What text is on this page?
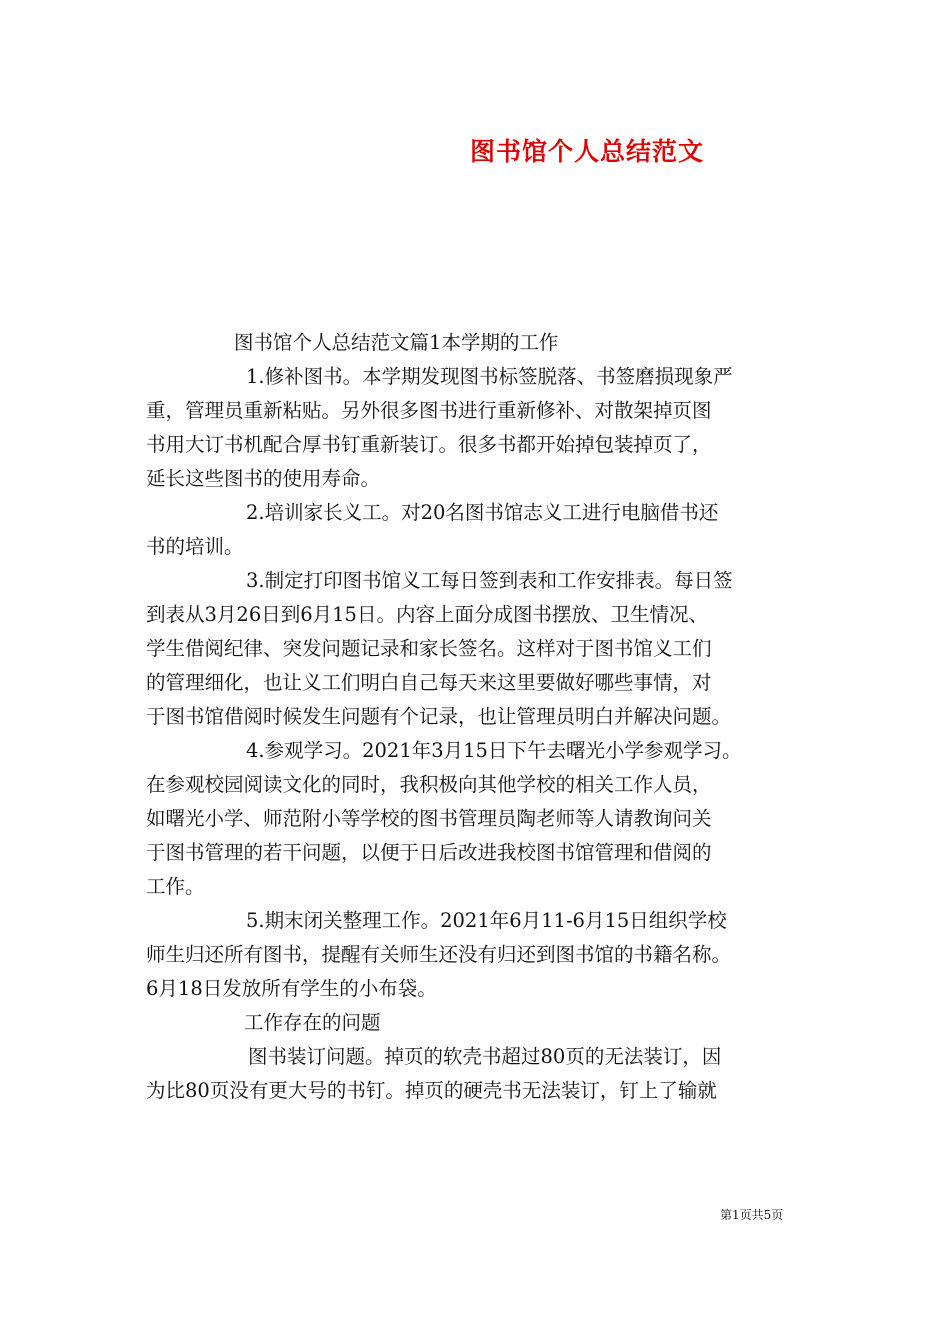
图书馆个人总结范文
图书馆个人总结范文篇1本学期的工作
1.修补图书。本学期发现图书标签脱落、书签磨损现象严
重，管理员重新粘贴。另外很多图书进行重新修补、对散架掉页图
书用大订书机配合厚书钉重新装订。很多书都开始掉包装掉页了，
延长这些图书的使用寿命。
2.培训家长义工。对20名图书馆志义工进行电脑借书还
书的培训。
3.制定打印图书馆义工每日签到表和工作安排表。每日签
到表从3月26日到6月15日。内容上面分成图书摆放、卫生情况、
学生借阅纪律、突发问题记录和家长签名。这样对于图书馆义工们
的管理细化，也让义工们明白自己每天来这里要做好哪些事情，对
于图书馆借阅时候发生问题有个记录，也让管理员明白并解决问题。
4.参观学习。2021年3月15日下午去曙光小学参观学习。
在参观校园阅读文化的同时，我积极向其他学校的相关工作人员，
如曙光小学、师范附小等学校的图书管理员陶老师等人请教询问关
于图书管理的若干问题，以便于日后改进我校图书馆管理和借阅的
工作。
5.期末闭关整理工作。2021年6月11-6月15日组织学校
师生归还所有图书，提醒有关师生还没有归还到图书馆的书籍名称。
6月18日发放所有学生的小布袋。
工作存在的问题
图书装订问题。掉页的软壳书超过80页的无法装订，因
为比80页没有更大号的书钉。掉页的硬壳书无法装订，钉上了输就
第1页共5页
